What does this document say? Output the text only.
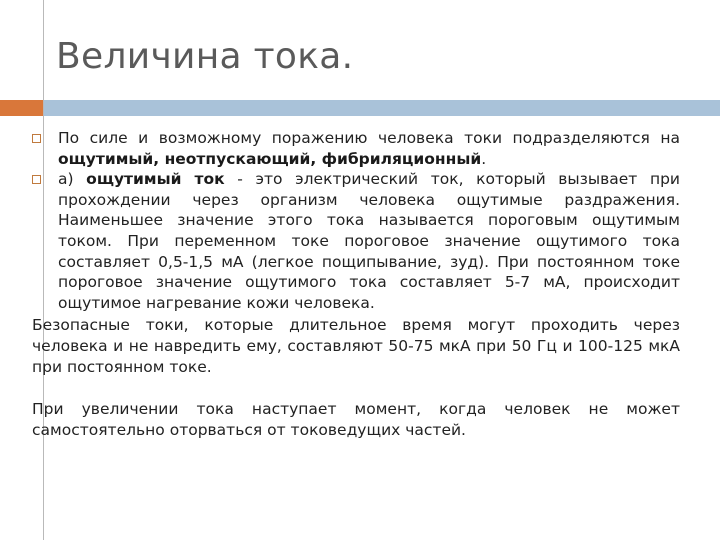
Величина тока.
По силе и возможному поражению человека токи подразделяются на ощутимый, неотпускающий, фибриляционный.
а) ощутимый ток - это электрический ток, который вызывает при прохождении через организм человека ощутимые раздражения. Наименьшее значение этого тока называется пороговым ощутимым током. При переменном токе пороговое значение ощутимого тока составляет 0,5-1,5 мА (легкое пощипывание, зуд). При постоянном токе пороговое значение ощутимого тока составляет 5-7 мА, происходит ощутимое нагревание кожи человека.

Безопасные токи, которые длительное время могут проходить через человека и не навредить ему, составляют 50-75 мкА при 50 Гц и 100-125 мкА при постоянном токе.

При увеличении тока наступает момент, когда человек не может самостоятельно оторваться от токоведущих частей.
